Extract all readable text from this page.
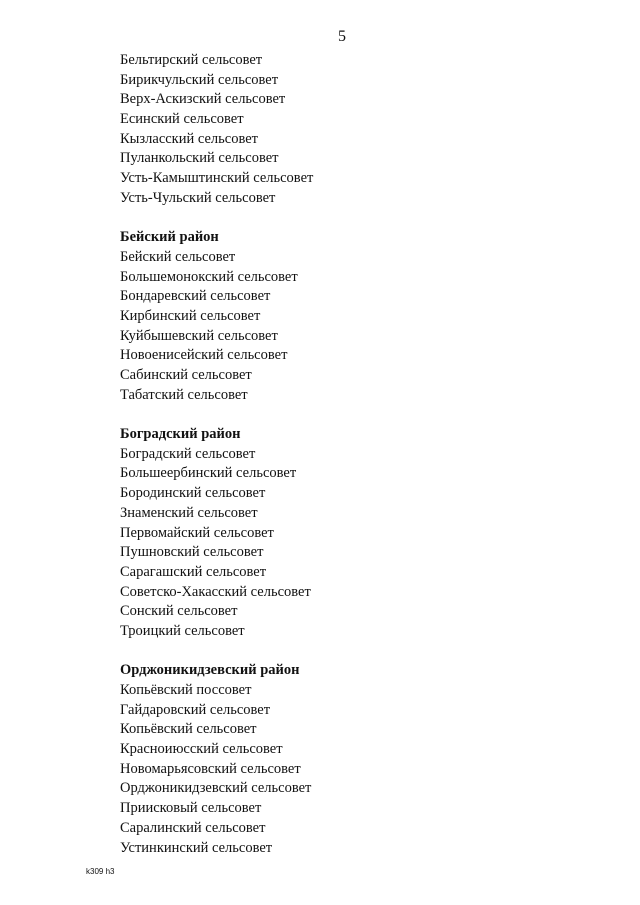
5
Бельтирский сельсовет
Бирикчульский сельсовет
Верх-Аскизский сельсовет
Есинский сельсовет
Кызласский сельсовет
Пуланкольский сельсовет
Усть-Камыштинский сельсовет
Усть-Чульский сельсовет
Бейский район
Бейский сельсовет
Большемонокский сельсовет
Бондаревский сельсовет
Кирбинский сельсовет
Куйбышевский сельсовет
Новоенисейский сельсовет
Сабинский сельсовет
Табатский сельсовет
Боградский район
Боградский сельсовет
Большеербинский сельсовет
Бородинский сельсовет
Знаменский сельсовет
Первомайский сельсовет
Пушновский сельсовет
Сарагашский сельсовет
Советско-Хакасский сельсовет
Сонский сельсовет
Троицкий сельсовет
Орджоникидзевский район
Копьёвский поссовет
Гайдаровский сельсовет
Копьёвский сельсовет
Красноиюсский сельсовет
Новомарьясовский сельсовет
Орджоникидзевский сельсовет
Приисковый сельсовет
Саралинский сельсовет
Устинкинский сельсовет
k309 h3
